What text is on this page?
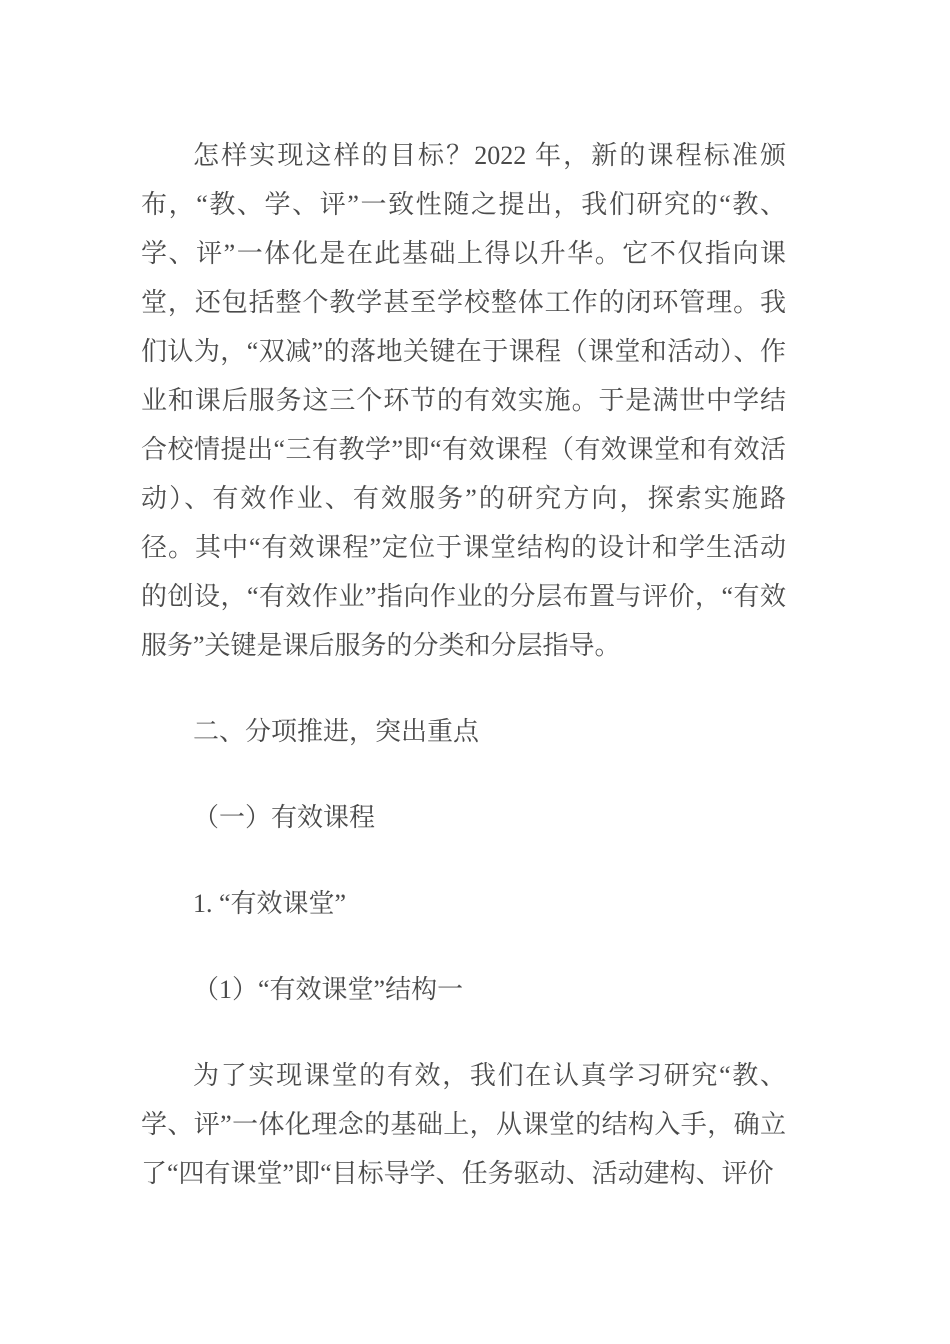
怎样实现这样的目标？2022 年，新的课程标准颁布，“教、学、评”一致性随之提出，我们研究的“教、学、评”一体化是在此基础上得以升华。它不仅指向课堂，还包括整个教学甚至学校整体工作的闭环管理。我们认为，“双减”的落地关键在于课程（课堂和活动）、作业和课后服务这三个环节的有效实施。于是满世中学结合校情提出“三有教学”即“有效课程（有效课堂和有效活动）、有效作业、有效服务”的研究方向，探索实施路径。其中“有效课程”定位于课堂结构的设计和学生活动的创设，“有效作业”指向作业的分层布置与评价，“有效服务”关键是课后服务的分类和分层指导。

二、分项推进，突出重点

（一）有效课程

1. “有效课堂”

（1）“有效课堂”结构一

为了实现课堂的有效，我们在认真学习研究“教、学、评”一体化理念的基础上，从课堂的结构入手，确立了“四有课堂”即“目标导学、任务驱动、活动建构、评价
